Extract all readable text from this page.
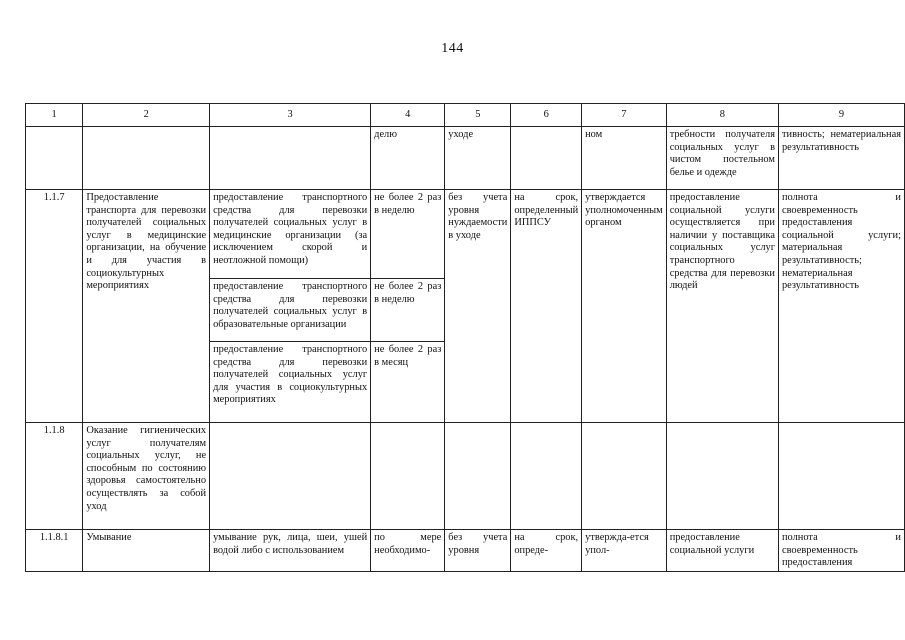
144
1	2	3	4	5	6	7	8	9
			делю	уходе		ном	требности получателя социальных услуг в чистом постельном белье и одежде	тивность; нематериальная результативность
1.1.7	Предоставление транспорта для перевозки получателей социальных услуг в медицинские организации, на обучение и для участия в социокультурных мероприятиях	предоставление транспортного средства для перевозки получателей социальных услуг в медицинские организации (за исключением скорой и неотложной помощи)	не более 2 раз в неделю	без учета уровня нуждаемости в уходе	на срок, определенный ИППСУ	утверждается уполномоченным органом	предоставление социальной услуги осуществляется при наличии у поставщика социальных услуг транспортного средства для перевозки людей	полнота и своевременность предоставления социальной услуги; материальная результативность; нематериальная результативность
		предоставление транспортного средства для перевозки получателей социальных услуг в образовательные организации	не более 2 раз в неделю					
		предоставление транспортного средства для перевозки получателей социальных услуг для участия в социокультурных мероприятиях	не более 2 раз в месяц					
1.1.8	Оказание гигиенических услуг получателям социальных услуг, не способным по состоянию здоровья самостоятельно осуществлять за собой уход							
1.1.8.1	Умывание	умывание рук, лица, шеи, ушей водой либо с использованием	по мере необходимо-	без учета уровня	на срок, опреде-	утвержда-ется упол-	предоставление социальной услуги	полнота и своевременность предоставления
